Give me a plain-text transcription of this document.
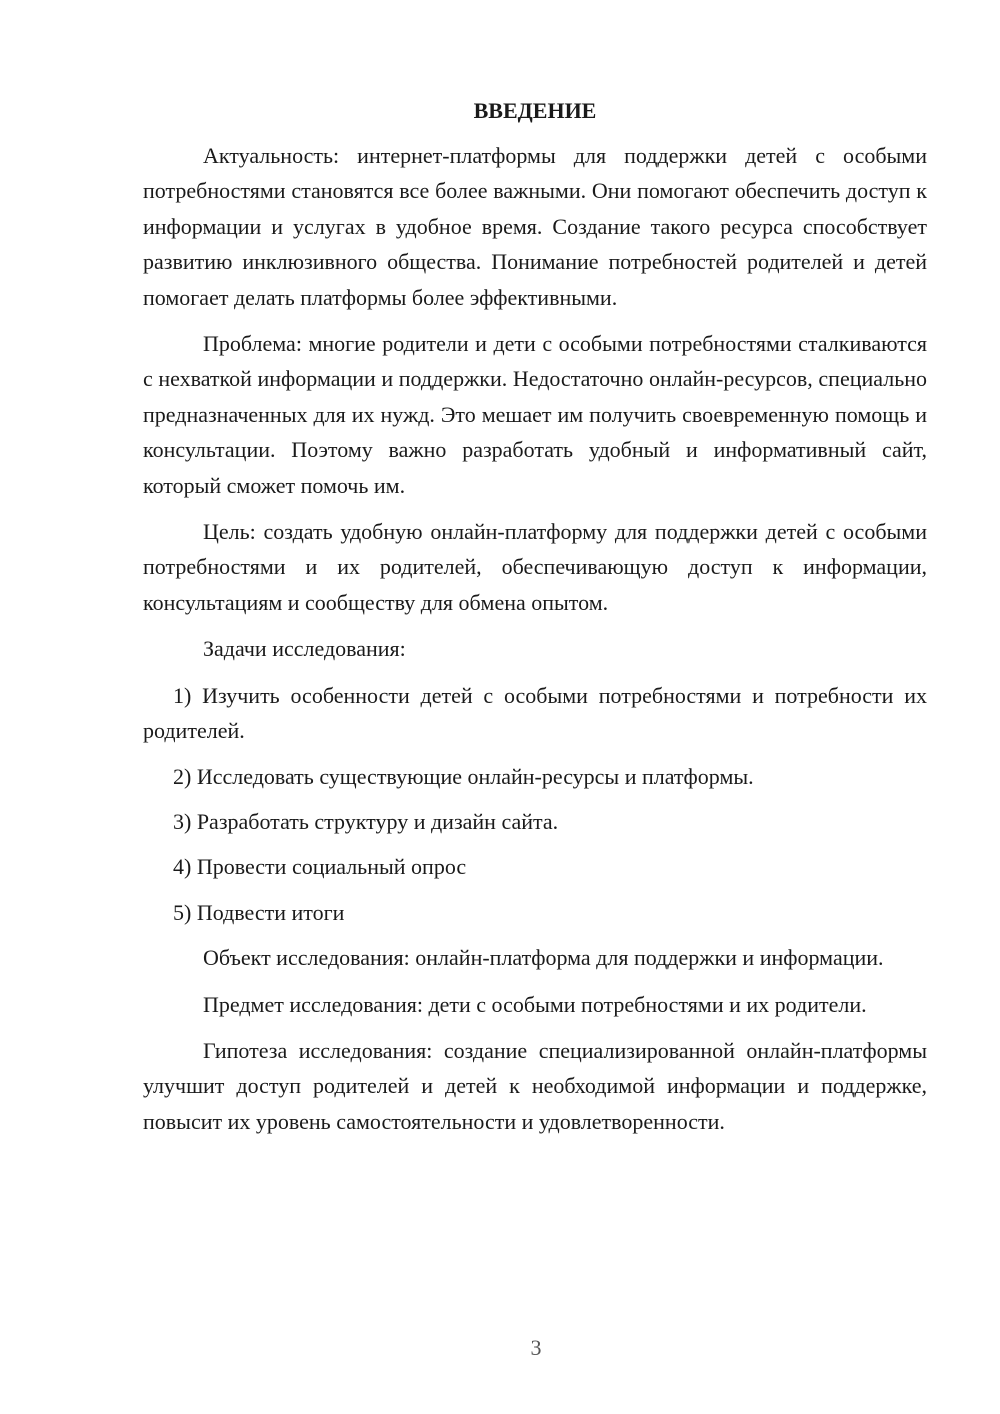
ВВЕДЕНИЕ

Актуальность: интернет-платформы для поддержки детей с особыми потребностями становятся все более важными. Они помогают обеспечить доступ к информации и услугах в удобное время. Создание такого ресурса способствует развитию инклюзивного общества. Понимание потребностей родителей и детей помогает делать платформы более эффективными.

Проблема: многие родители и дети с особыми потребностями сталкиваются с нехваткой информации и поддержки. Недостаточно онлайн-ресурсов, специально предназначенных для их нужд. Это мешает им получить своевременную помощь и консультации. Поэтому важно разработать удобный и информативный сайт, который сможет помочь им.

Цель: создать удобную онлайн-платформу для поддержки детей с особыми потребностями и их родителей, обеспечивающую доступ к информации, консультациям и сообществу для обмена опытом.

Задачи исследования:

1) Изучить особенности детей с особыми потребностями и потребности их родителей.

2) Исследовать существующие онлайн-ресурсы и платформы.

3) Разработать структуру и дизайн сайта.

4) Провести социальный опрос

5) Подвести итоги

Объект исследования: онлайн-платформа для поддержки и информации.

Предмет исследования: дети с особыми потребностями и их родители.

Гипотеза исследования: создание специализированной онлайн-платформы улучшит доступ родителей и детей к необходимой информации и поддержке, повысит их уровень самостоятельности и удовлетворенности.

3
